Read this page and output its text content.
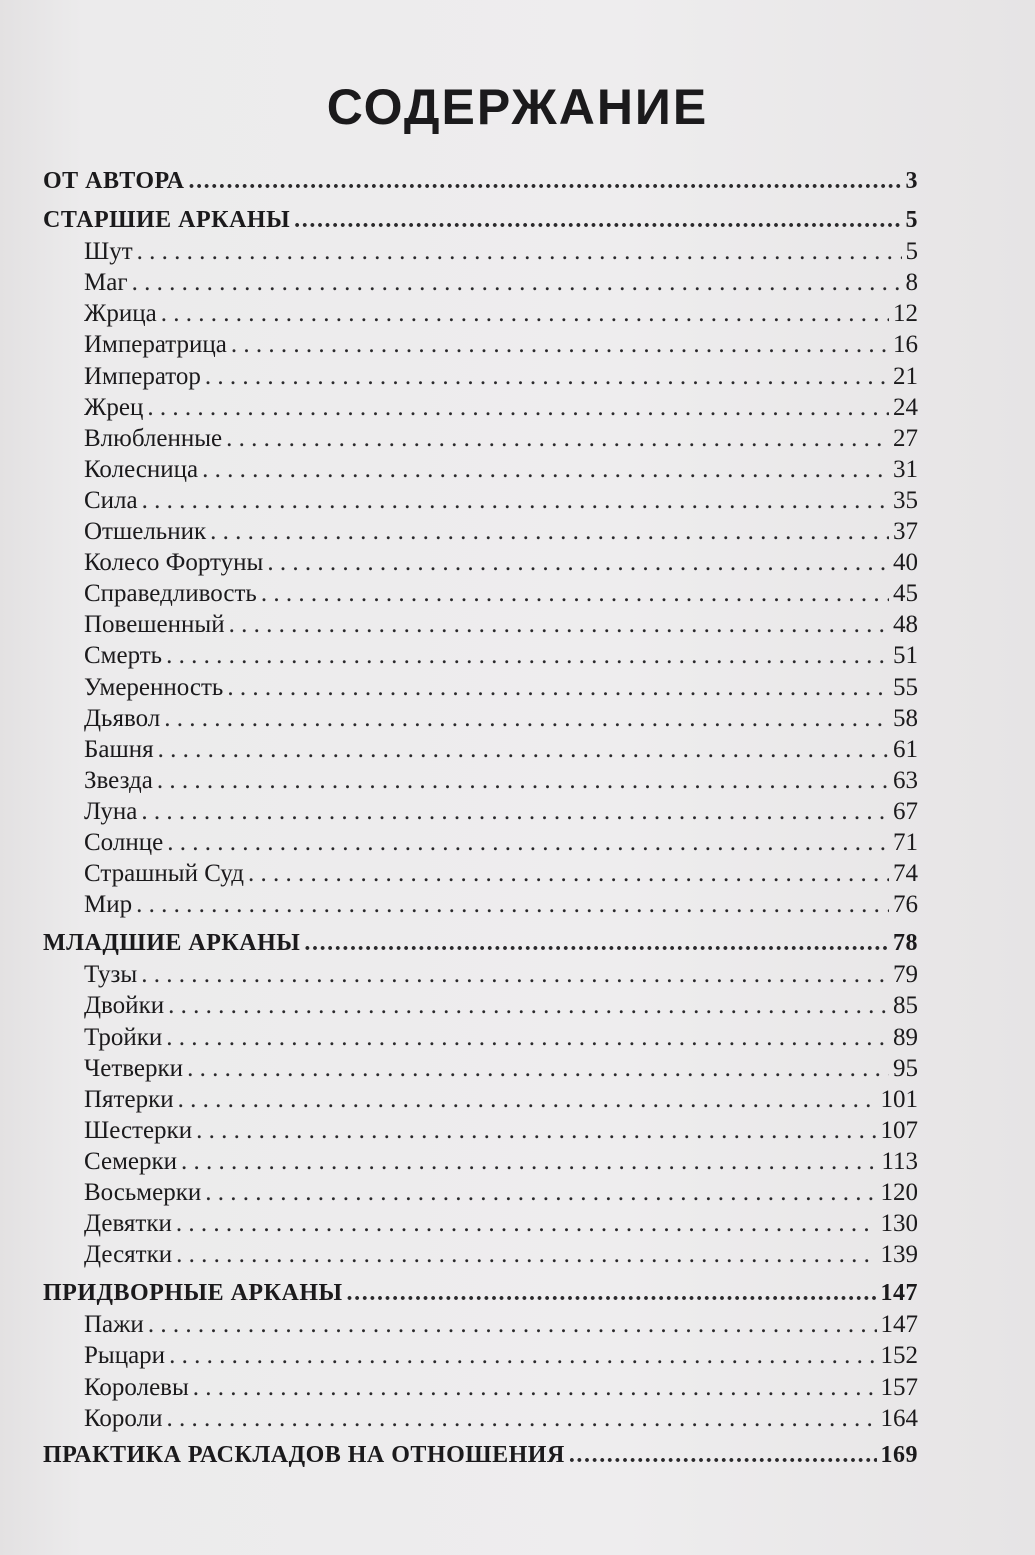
СОДЕРЖАНИЕ
ОТ АВТОРА .....	3
СТАРШИЕ АРКАНЫ .....	5
Шут . . .	5
Маг . . .	8
Жрица . . .	12
Императрица . . .	16
Император . . .	21
Жрец . . .	24
Влюбленные . . .	27
Колесница . . .	31
Сила . . .	35
Отшельник . . .	37
Колесо Фортуны . . .	40
Справедливость . . .	45
Повешенный . . .	48
Смерть . . .	51
Умеренность . . .	55
Дьявол . . .	58
Башня . . .	61
Звезда . . .	63
Луна . . .	67
Солнце . . .	71
Страшный Суд . . .	74
Мир . . .	76
МЛАДШИЕ АРКАНЫ .....	78
Тузы . . .	79
Двойки . . .	85
Тройки . . .	89
Четверки . . .	95
Пятерки . . .	101
Шестерки . . .	107
Семерки . . .	113
Восьмерки . . .	120
Девятки . . .	130
Десятки . . .	139
ПРИДВОРНЫЕ АРКАНЫ .....	147
Пажи . . .	147
Рыцари . . .	152
Королевы . . .	157
Короли . . .	164
ПРАКТИКА РАСКЛАДОВ НА ОТНОШЕНИЯ .....	169
